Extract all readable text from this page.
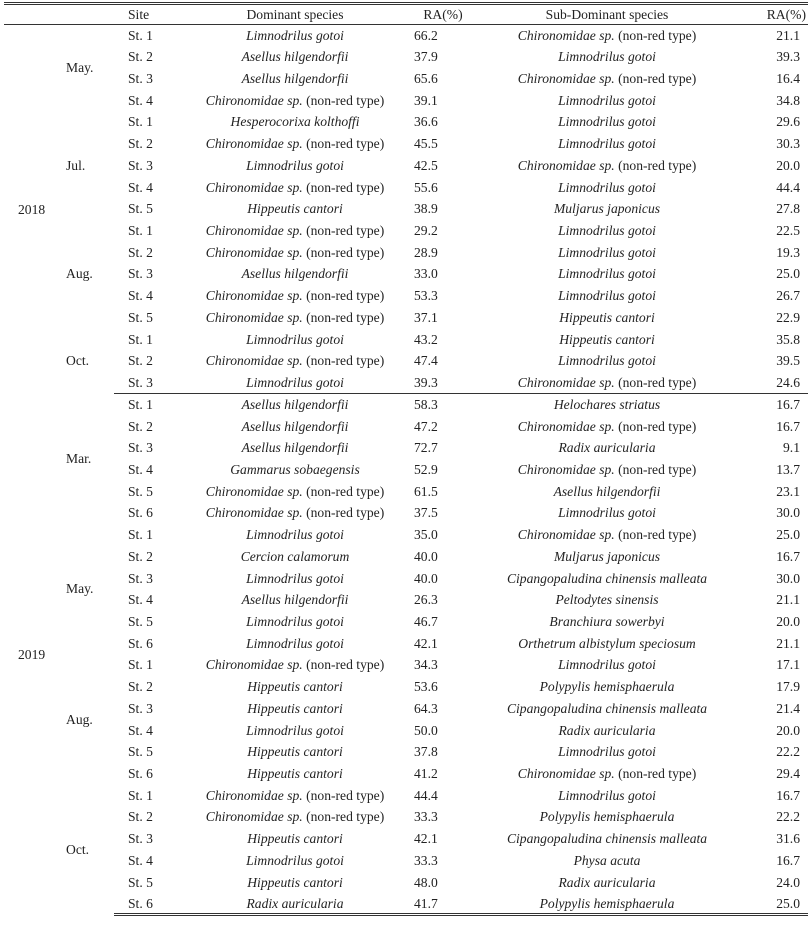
		Site	Dominant species	RA(%)	Sub-Dominant species	RA(%)
2018	May.	St. 1	Limnodrilus gotoi	66.2	Chironomidae sp. (non-red type)	21.1
		St. 2	Asellus hilgendorfii	37.9	Limnodrilus gotoi	39.3
		St. 3	Asellus hilgendorfii	65.6	Chironomidae sp. (non-red type)	16.4
		St. 4	Chironomidae sp. (non-red type)	39.1	Limnodrilus gotoi	34.8
	Jul.	St. 1	Hesperocorixa kolthoffi	36.6	Limnodrilus gotoi	29.6
		St. 2	Chironomidae sp. (non-red type)	45.5	Limnodrilus gotoi	30.3
		St. 3	Limnodrilus gotoi	42.5	Chironomidae sp. (non-red type)	20.0
		St. 4	Chironomidae sp. (non-red type)	55.6	Limnodrilus gotoi	44.4
		St. 5	Hippeutis cantori	38.9	Muljarus japonicus	27.8
	Aug.	St. 1	Chironomidae sp. (non-red type)	29.2	Limnodrilus gotoi	22.5
		St. 2	Chironomidae sp. (non-red type)	28.9	Limnodrilus gotoi	19.3
		St. 3	Asellus hilgendorfii	33.0	Limnodrilus gotoi	25.0
		St. 4	Chironomidae sp. (non-red type)	53.3	Limnodrilus gotoi	26.7
		St. 5	Chironomidae sp. (non-red type)	37.1	Hippeutis cantori	22.9
	Oct.	St. 1	Limnodrilus gotoi	43.2	Hippeutis cantori	35.8
		St. 2	Chironomidae sp. (non-red type)	47.4	Limnodrilus gotoi	39.5
		St. 3	Limnodrilus gotoi	39.3	Chironomidae sp. (non-red type)	24.6
2019	Mar.	St. 1	Asellus hilgendorfii	58.3	Helochares striatus	16.7
		St. 2	Asellus hilgendorfii	47.2	Chironomidae sp. (non-red type)	16.7
		St. 3	Asellus hilgendorfii	72.7	Radix auricularia	9.1
		St. 4	Gammarus sobaegensis	52.9	Chironomidae sp. (non-red type)	13.7
		St. 5	Chironomidae sp. (non-red type)	61.5	Asellus hilgendorfii	23.1
		St. 6	Chironomidae sp. (non-red type)	37.5	Limnodrilus gotoi	30.0
	May.	St. 1	Limnodrilus gotoi	35.0	Chironomidae sp. (non-red type)	25.0
		St. 2	Cercion calamorum	40.0	Muljarus japonicus	16.7
		St. 3	Limnodrilus gotoi	40.0	Cipangopaludina chinensis malleata	30.0
		St. 4	Asellus hilgendorfii	26.3	Peltodytes sinensis	21.1
		St. 5	Limnodrilus gotoi	46.7	Branchiura sowerbyi	20.0
		St. 6	Limnodrilus gotoi	42.1	Orthetrum albistylum speciosum	21.1
	Aug.	St. 1	Chironomidae sp. (non-red type)	34.3	Limnodrilus gotoi	17.1
		St. 2	Hippeutis cantori	53.6	Polypylis hemisphaerula	17.9
		St. 3	Hippeutis cantori	64.3	Cipangopaludina chinensis malleata	21.4
		St. 4	Limnodrilus gotoi	50.0	Radix auricularia	20.0
		St. 5	Hippeutis cantori	37.8	Limnodrilus gotoi	22.2
		St. 6	Hippeutis cantori	41.2	Chironomidae sp. (non-red type)	29.4
	Oct.	St. 1	Chironomidae sp. (non-red type)	44.4	Limnodrilus gotoi	16.7
		St. 2	Chironomidae sp. (non-red type)	33.3	Polypylis hemisphaerula	22.2
		St. 3	Hippeutis cantori	42.1	Cipangopaludina chinensis malleata	31.6
		St. 4	Limnodrilus gotoi	33.3	Physa acuta	16.7
		St. 5	Hippeutis cantori	48.0	Radix auricularia	24.0
		St. 6	Radix auricularia	41.7	Polypylis hemisphaerula	25.0
